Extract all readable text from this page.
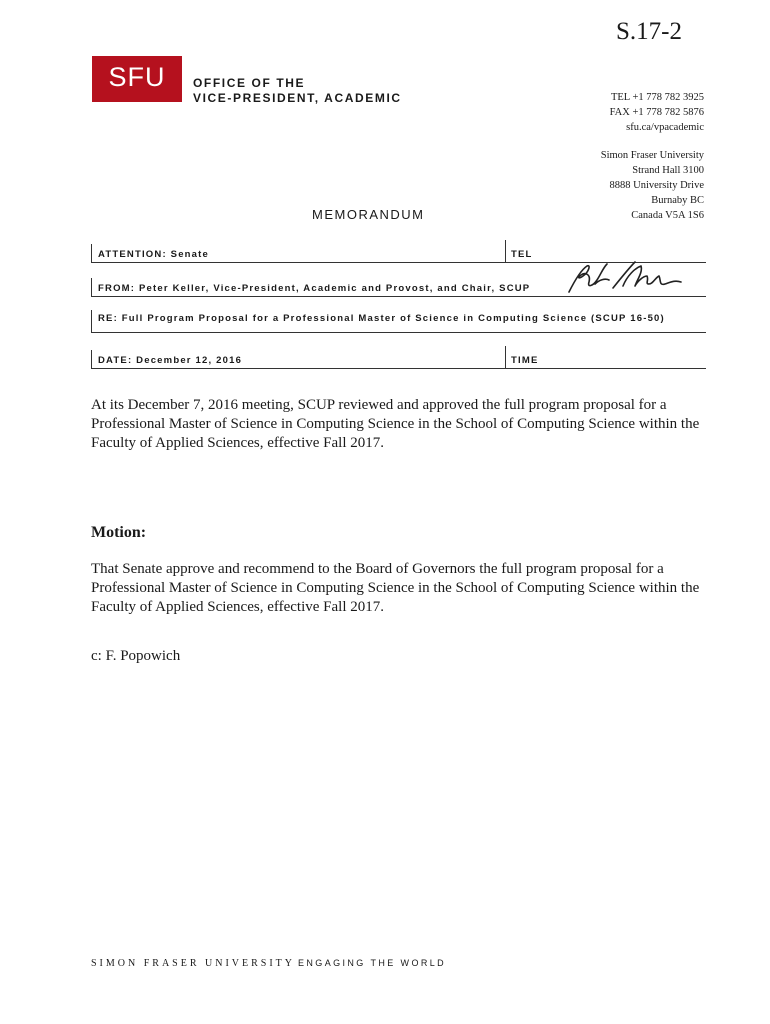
S.17-2
SFU	OFFICE OF THE
VICE-PRESIDENT, ACADEMIC	TEL +1 778 782 3925
FAX +1 778 782 5876
sfu.ca/vpacademic
Simon Fraser University
Strand Hall 3100
8888 University Drive
Burnaby BC
Canada V5A 1S6
MEMORANDUM
ATTENTION: Senate	TEL
FROM: Peter Keller, Vice-President, Academic and Provost, and Chair, SCUP
RE: Full Program Proposal for a Professional Master of Science in Computing Science (SCUP 16-50)
DATE: December 12, 2016	TIME
At its December 7, 2016 meeting, SCUP reviewed and approved the full program proposal for a Professional Master of Science in Computing Science in the School of Computing Science within the Faculty of Applied Sciences, effective Fall 2017.
Motion:
That Senate approve and recommend to the Board of Governors the full program proposal for a Professional Master of Science in Computing Science in the School of Computing Science within the Faculty of Applied Sciences, effective Fall 2017.
c: F. Popowich
SIMON FRASER UNIVERSITY ENGAGING THE WORLD
